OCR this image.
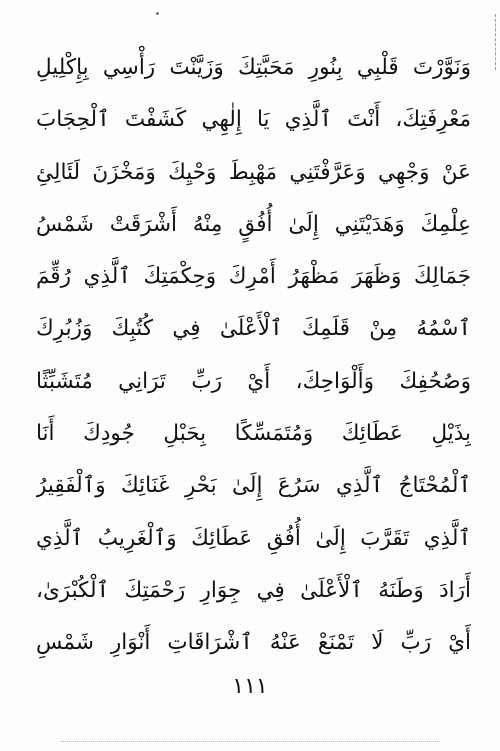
وَنَوَّرْتَ قَلْبِي بِنُورِ مَحَبَّتِكَ وَزَيَّنْتَ رَأْسِي بِإِكْلِيلِ
مَعْرِفَتِكَ، أَنْتَ ٱلَّذِي يَا إِلٰهِي كَشَفْتَ ٱلْحِجَابَ
عَنْ وَجْهِي وَعَرَّفْتَنِي مَهْبِطَ وَحْيِكَ وَمَخْزَنَ لَئَالِئِ
عِلْمِكَ وَهَدَيْتَنِي إِلَىٰ أُفُقٍ مِنْهُ أَشْرَقَتْ شَمْسُ
جَمَالِكَ وَظَهَرَ مَظْهَرُ أَمْرِكَ وَحِكْمَتِكَ ٱلَّذِي رُقِّمَ
ٱسْمُهُ مِنْ قَلَمِكَ ٱلْأَعْلَىٰ فِي كُتُبِكَ وَزُبُرِكَ
وَصُحُفِكَ وَأَلْوَاحِكَ، أَيْ رَبِّ تَرَانِي مُتَشَبِّثًا
بِذَيْلِ عَطَائِكَ وَمُتَمَسِّكًا بِحَبْلِ جُودِكَ أَنَا
ٱلْمُحْتَاجُ ٱلَّذِي سَرُعَ إِلَىٰ بَحْرِ غَنَائِكَ وَٱلْفَقِيرُ
ٱلَّذِي تَقَرَّبَ إِلَىٰ أُفُقِ عَطَائِكَ وَٱلْغَرِيبُ ٱلَّذِي
أَرَادَ وَطَنَهُ ٱلْأَعْلَىٰ فِي جِوَارِ رَحْمَتِكَ ٱلْكُبْرَىٰ،
أَيْ رَبِّ لَا تَمْنَعْ عَنْهُ ٱشْرَاقَاتِ أَنْوَارِ شَمْسِ
١١١
